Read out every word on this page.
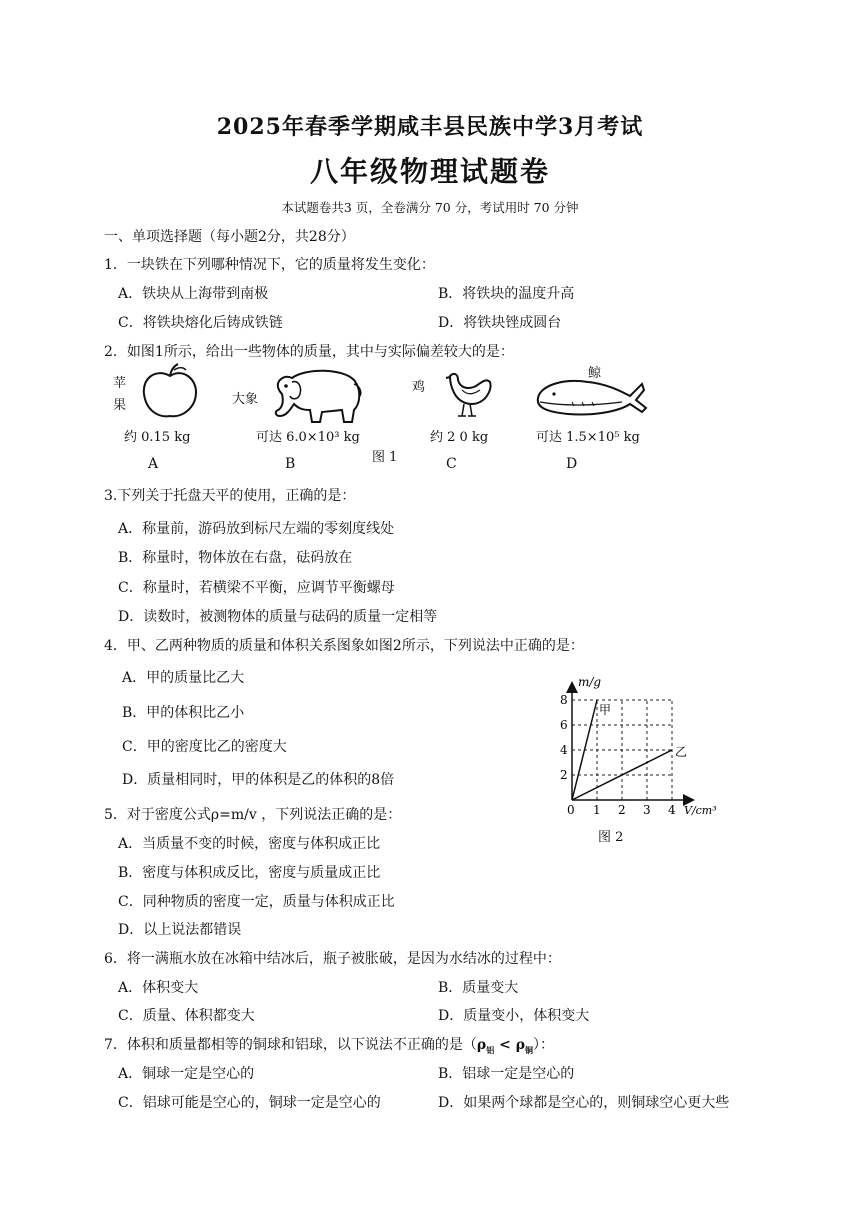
2025年春季学期咸丰县民族中学3月考试
八年级物理试题卷
本试题卷共3 页，全卷满分 70 分，考试用时 70 分钟
一、单项选择题（每小题2分，共28分）
1．一块铁在下列哪种情况下，它的质量将发生变化：
A．铁块从上海带到南极	B．将铁块的温度升高
C．将铁块熔化后铸成铁链	D．将铁块锉成圆台
2．如图1所示，给出一些物体的质量，其中与实际偏差较大的是：
苹
果	大象
鸡
鲸
约 0.15 kg	可达 6.0×10³ kg	约 2 0 kg	可达 1.5×10⁵ kg
A	B	图 1	C	D
3.下列关于托盘天平的使用，正确的是：
A．称量前，游码放到标尺左端的零刻度线处
B．称量时，物体放在右盘，砝码放在
C．称量时，若横梁不平衡，应调节平衡螺母
D．读数时，被测物体的质量与砝码的质量一定相等
4．甲、乙两种物质的质量和体积关系图象如图2所示，下列说法中正确的是：
A．甲的质量比乙大
B．甲的体积比乙小
C．甲的密度比乙的密度大
D．质量相同时，甲的体积是乙的体积的8倍
0 1 2 3 4
2
4
6
8
甲
乙
m/g
V/cm³
图 2
5．对于密度公式ρ=m/v ，下列说法正确的是：
A．当质量不变的时候，密度与体积成正比
B．密度与体积成反比，密度与质量成正比
C．同种物质的密度一定，质量与体积成正比
D．以上说法都错误
6．将一满瓶水放在冰箱中结冰后，瓶子被胀破，是因为水结冰的过程中：
A．体积变大	B．质量变大
C．质量、体积都变大	D．质量变小，体积变大
7．体积和质量都相等的铜球和铝球，以下说法不正确的是$(\rho_铝 < \rho_铜)$：
A．铜球一定是空心的	B．铝球一定是空心的
C．铝球可能是空心的，铜球一定是空心的	D．如果两个球都是空心的，则铜球空心更大些
